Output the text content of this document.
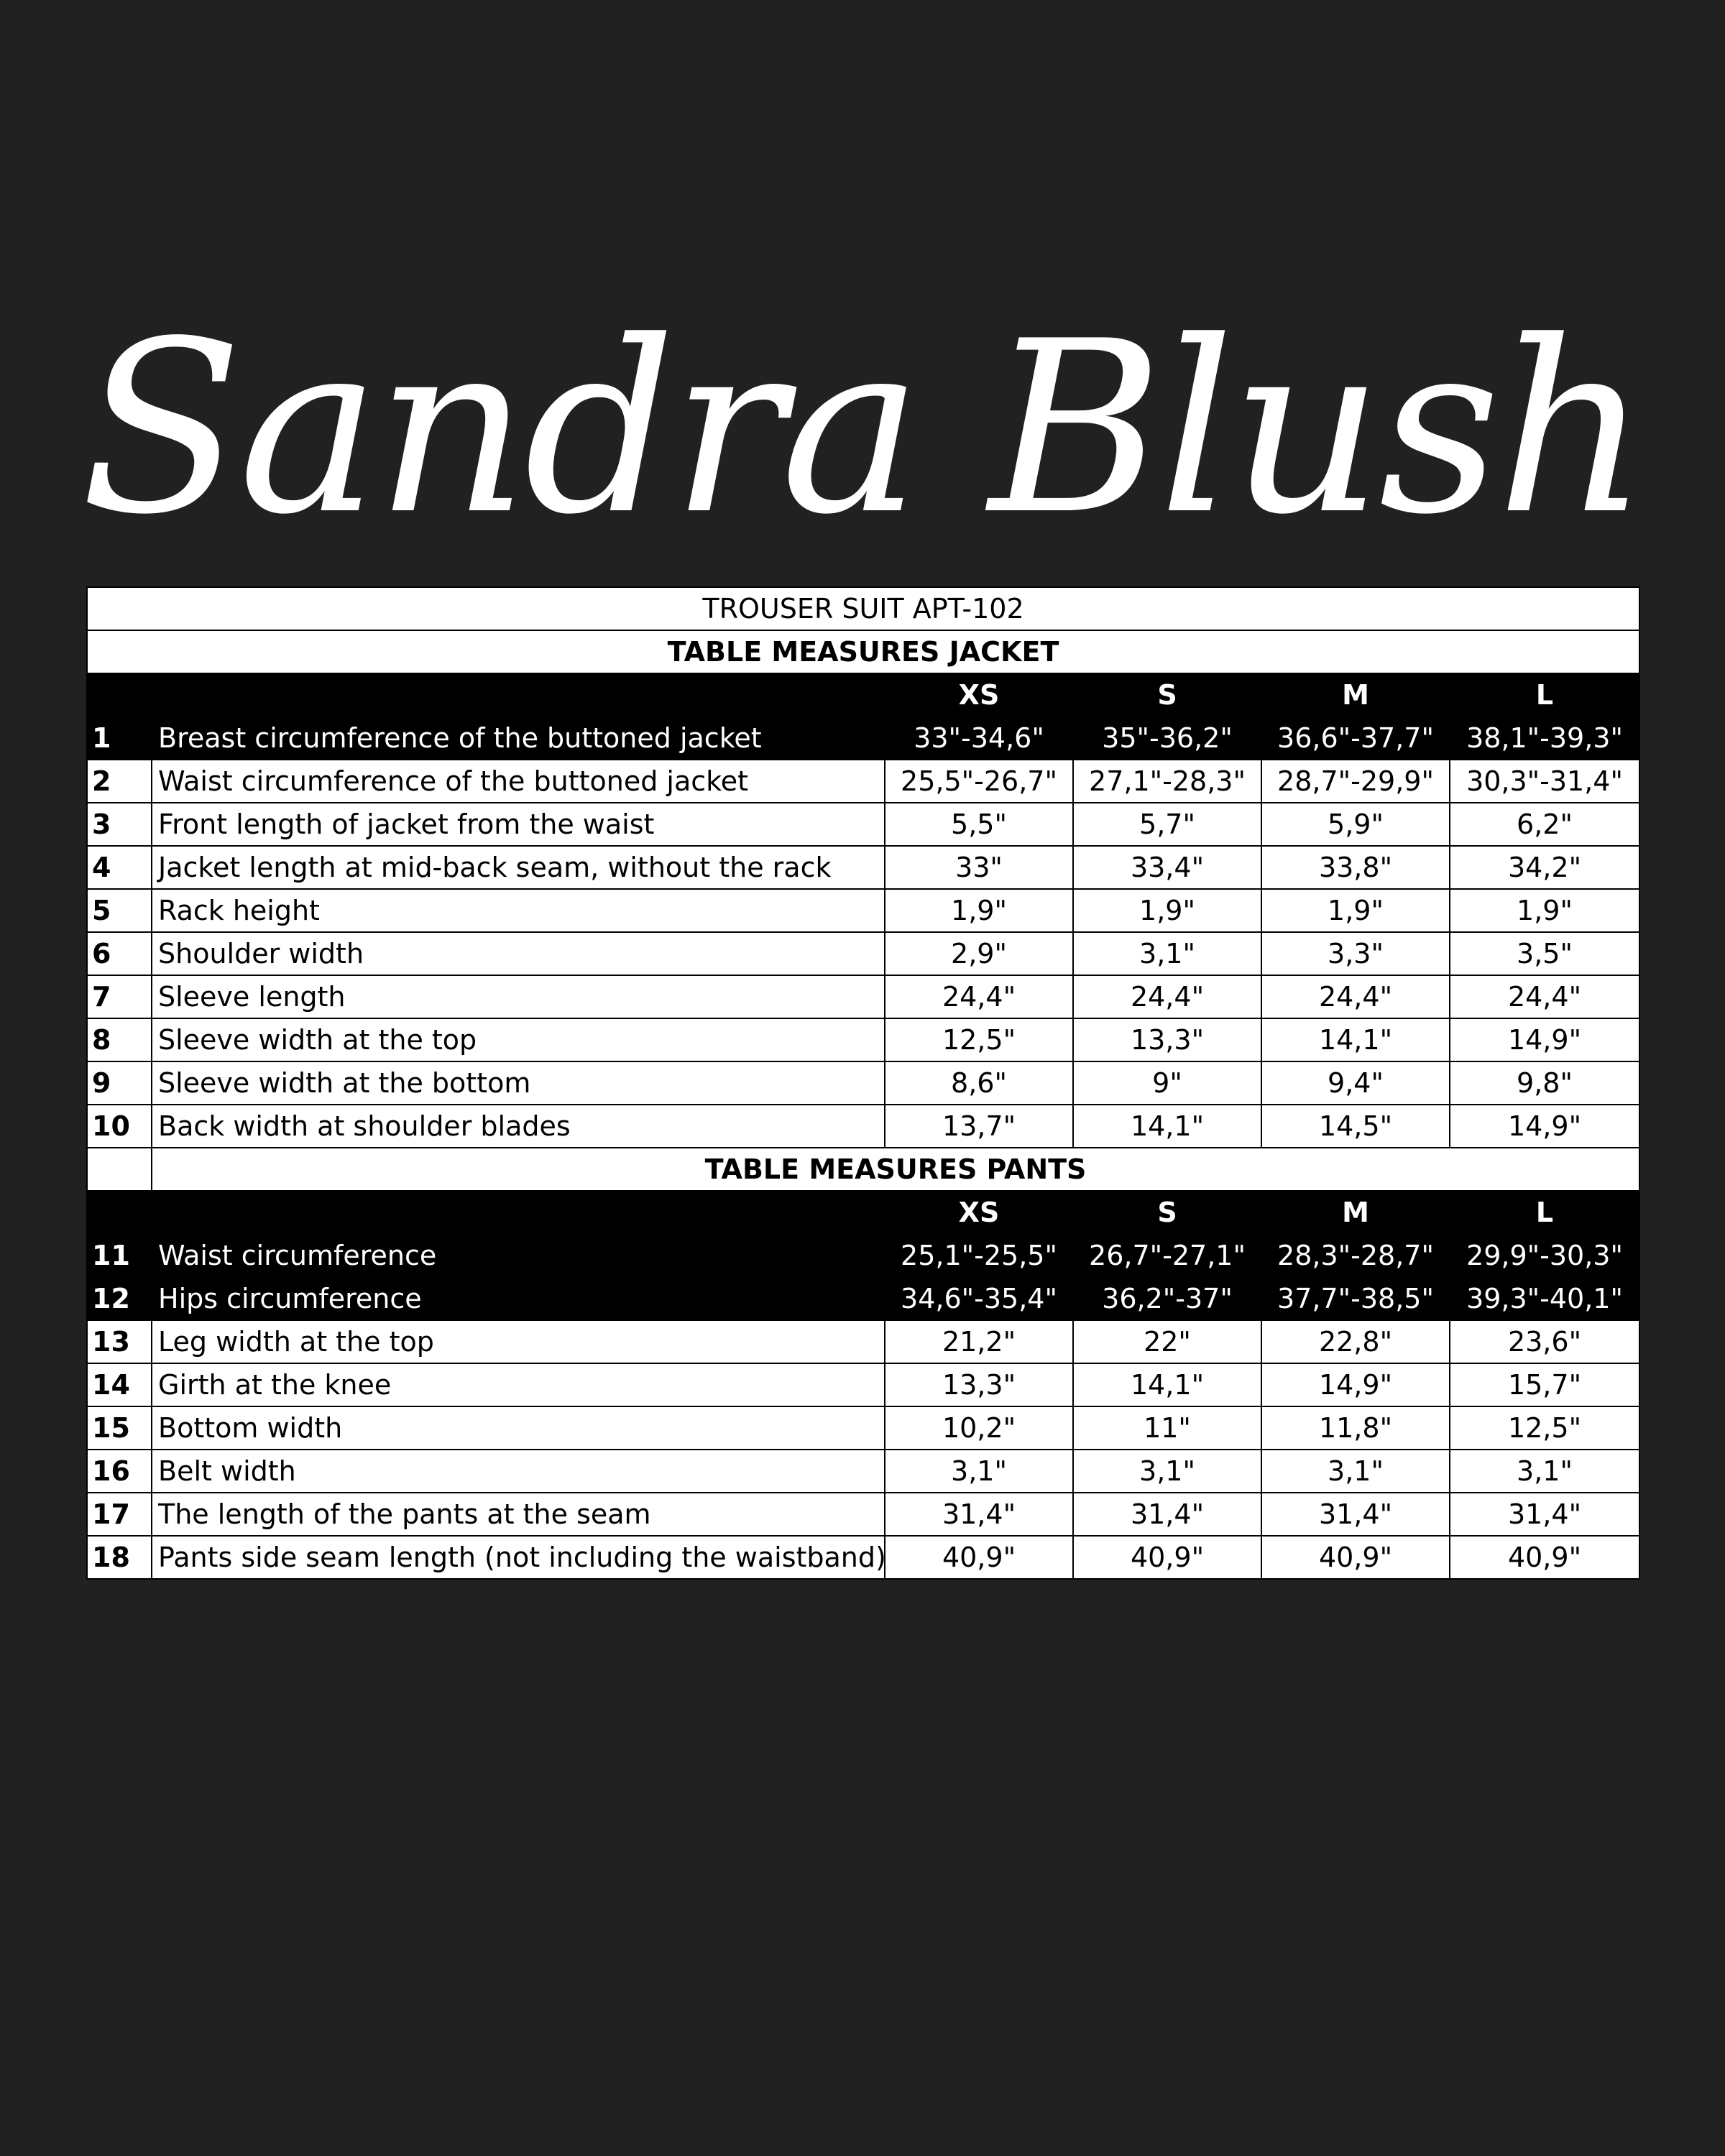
Sandra Blush
TROUSER SUIT APT-102					
TABLE MEASURES JACKET					
		XS	S	M	L
1	Breast circumference of the buttoned jacket	33"-34,6"	35"-36,2"	36,6"-37,7"	38,1"-39,3"
2	Waist circumference of the buttoned jacket	25,5"-26,7"	27,1"-28,3"	28,7"-29,9"	30,3"-31,4"
3	Front length of jacket from the waist	5,5"	5,7"	5,9"	6,2"
4	Jacket length at mid-back seam, without the rack	33"	33,4"	33,8"	34,2"
5	Rack height	1,9"	1,9"	1,9"	1,9"
6	Shoulder width	2,9"	3,1"	3,3"	3,5"
7	Sleeve length	24,4"	24,4"	24,4"	24,4"
8	Sleeve width at the top	12,5"	13,3"	14,1"	14,9"
9	Sleeve width at the bottom	8,6"	9"	9,4"	9,8"
10	Back width at shoulder blades	13,7"	14,1"	14,5"	14,9"
	TABLE MEASURES PANTS				
		XS	S	M	L
11	Waist circumference	25,1"-25,5"	26,7"-27,1"	28,3"-28,7"	29,9"-30,3"
12	Hips circumference	34,6"-35,4"	36,2"-37"	37,7"-38,5"	39,3"-40,1"
13	Leg width at the top	21,2"	22"	22,8"	23,6"
14	Girth at the knee	13,3"	14,1"	14,9"	15,7"
15	Bottom width	10,2"	11"	11,8"	12,5"
16	Belt width	3,1"	3,1"	3,1"	3,1"
17	The length of the pants at the seam	31,4"	31,4"	31,4"	31,4"
18	Pants side seam length (not including the waistband)	40,9"	40,9"	40,9"	40,9"
